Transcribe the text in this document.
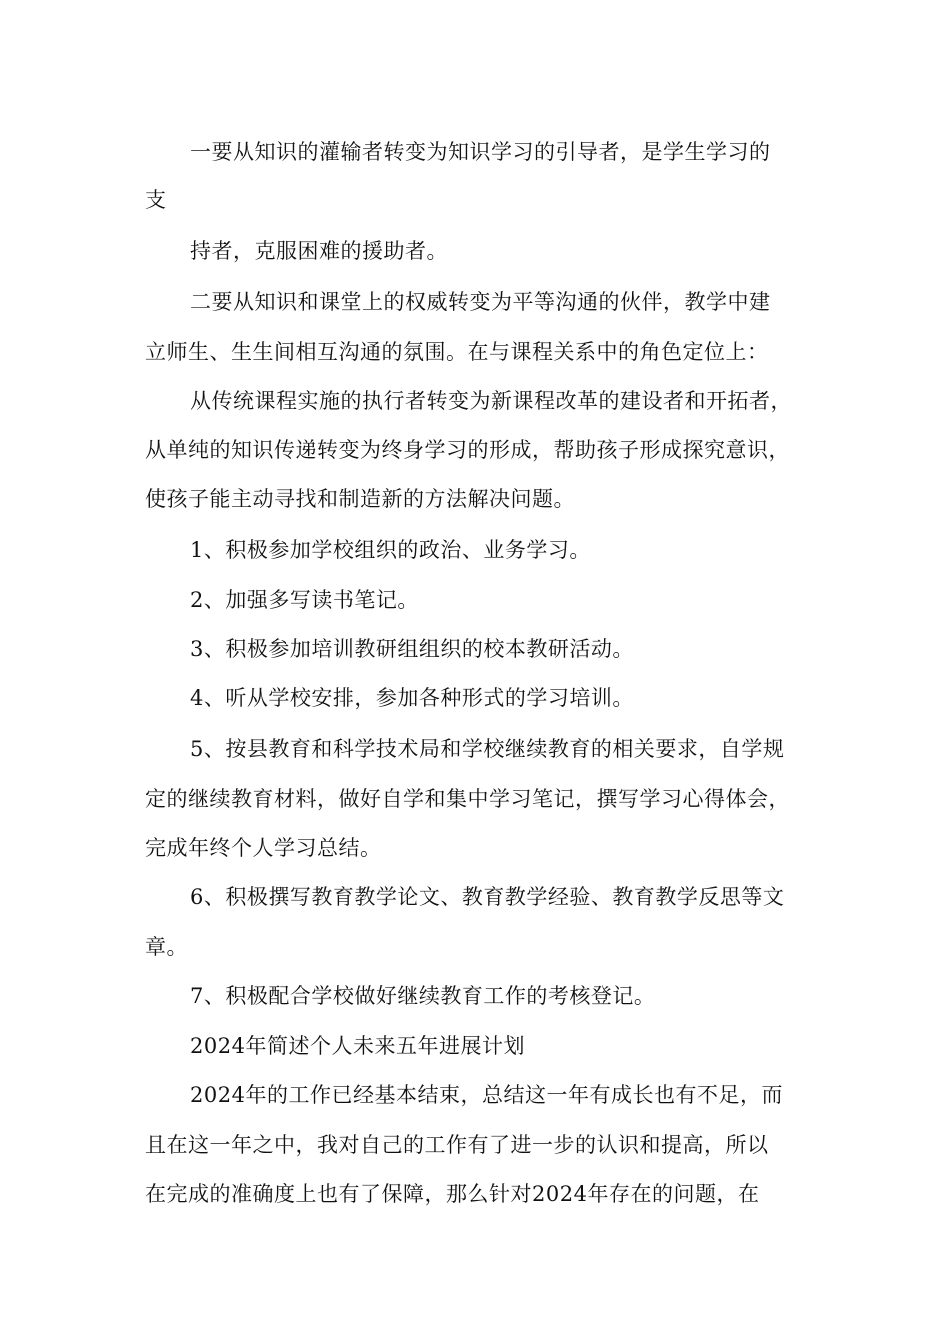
一要从知识的灌输者转变为知识学习的引导者，是学生学习的
支
持者，克服困难的援助者。
二要从知识和课堂上的权威转变为平等沟通的伙伴，教学中建
立师生、生生间相互沟通的氛围。在与课程关系中的角色定位上：
从传统课程实施的执行者转变为新课程改革的建设者和开拓者，
从单纯的知识传递转变为终身学习的形成，帮助孩子形成探究意识，
使孩子能主动寻找和制造新的方法解决问题。
1、积极参加学校组织的政治、业务学习。
2、加强多写读书笔记。
3、积极参加培训教研组组织的校本教研活动。
4、听从学校安排，参加各种形式的学习培训。
5、按县教育和科学技术局和学校继续教育的相关要求，自学规
定的继续教育材料，做好自学和集中学习笔记，撰写学习心得体会，
完成年终个人学习总结。
6、积极撰写教育教学论文、教育教学经验、教育教学反思等文
章。
7、积极配合学校做好继续教育工作的考核登记。
2024年简述个人未来五年进展计划
2024年的工作已经基本结束，总结这一年有成长也有不足，而
且在这一年之中，我对自己的工作有了进一步的认识和提高，所以
在完成的准确度上也有了保障，那么针对2024年存在的问题，在
